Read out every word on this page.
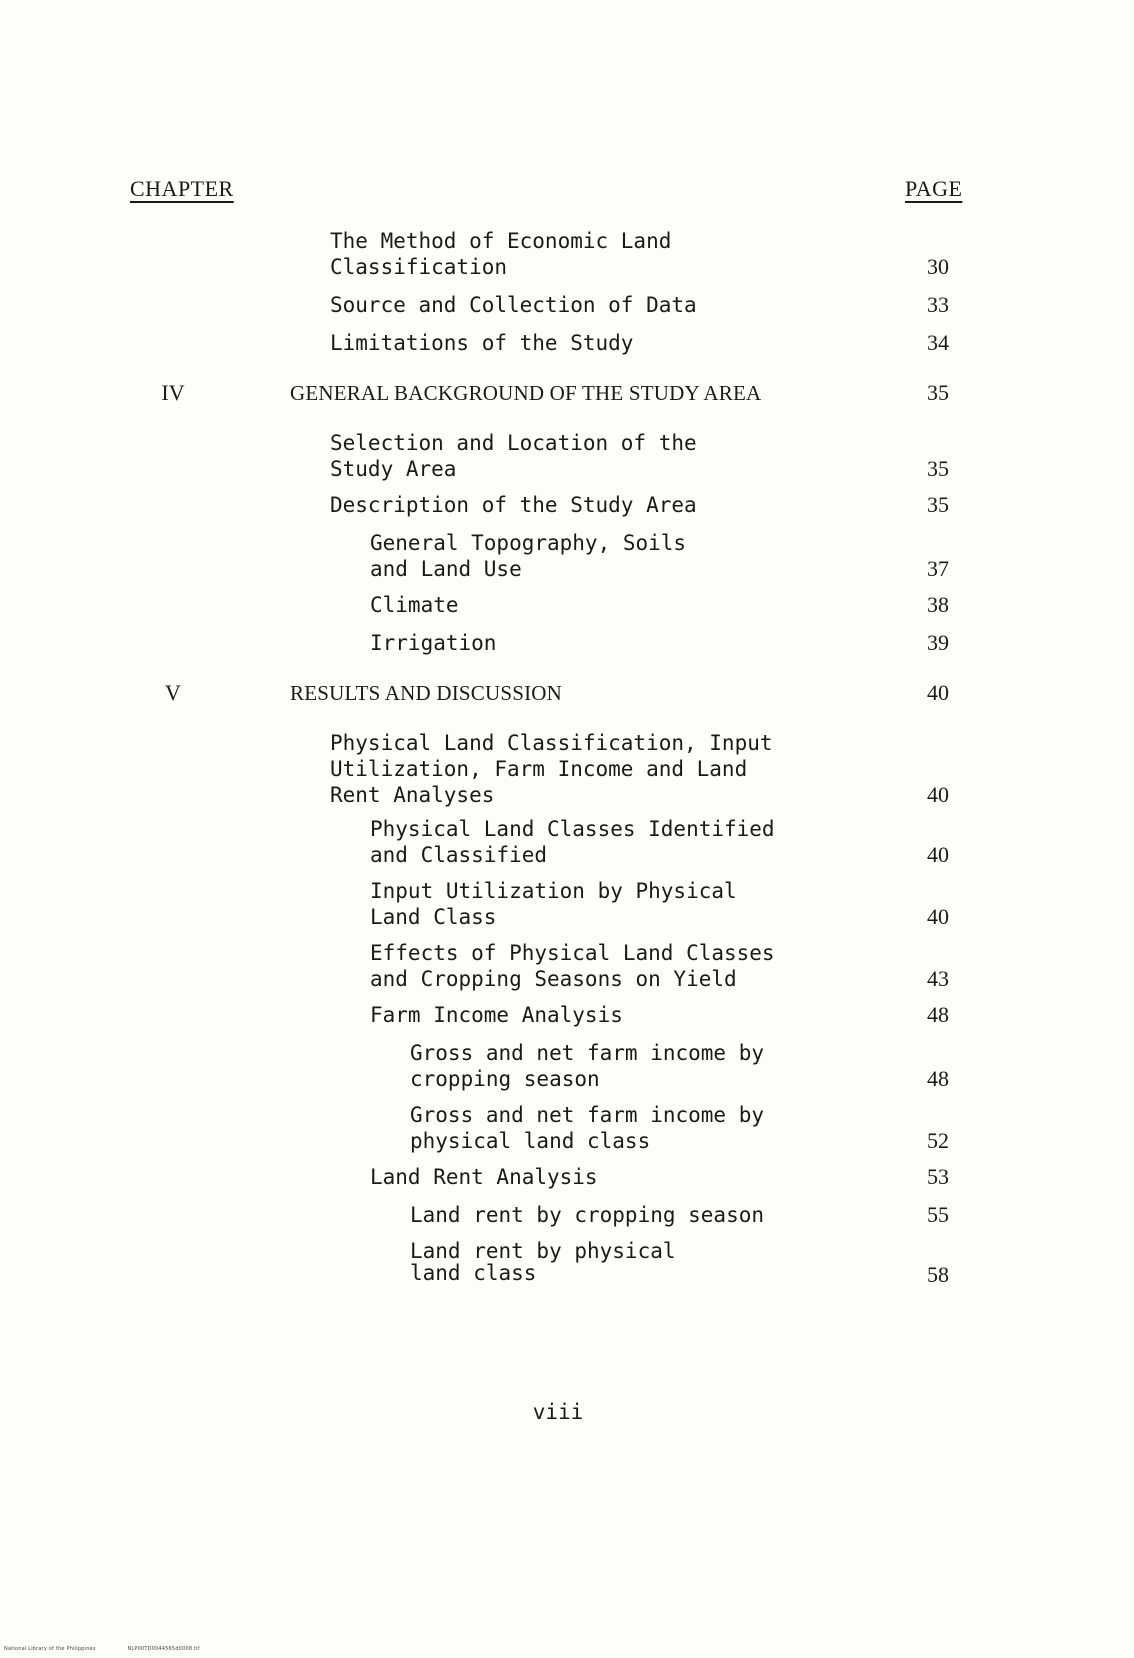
CHAPTER	PAGE
The Method of Economic Land
Classification	30
Source and Collection of Data	33
Limitations of the Study	34
IV	GENERAL BACKGROUND OF THE STUDY AREA	35
Selection and Location of the
Study Area	35
Description of the Study Area	35
General Topography, Soils
and Land Use	37
Climate	38
Irrigation	39
V	RESULTS AND DISCUSSION	40
Physical Land Classification, Input
Utilization, Farm Income and Land
Rent Analyses	40
Physical Land Classes Identified
and Classified	40
Input Utilization by Physical
Land Class	40
Effects of Physical Land Classes
and Cropping Seasons on Yield	43
Farm Income Analysis	48
Gross and net farm income by
cropping season	48
Gross and net farm income by
physical land class	52
Land Rent Analysis	53
Land rent by cropping season	55
Land rent by physical
land class	58
viii
National Library of the Philippines	NLP00TD0044565d0008.tif
